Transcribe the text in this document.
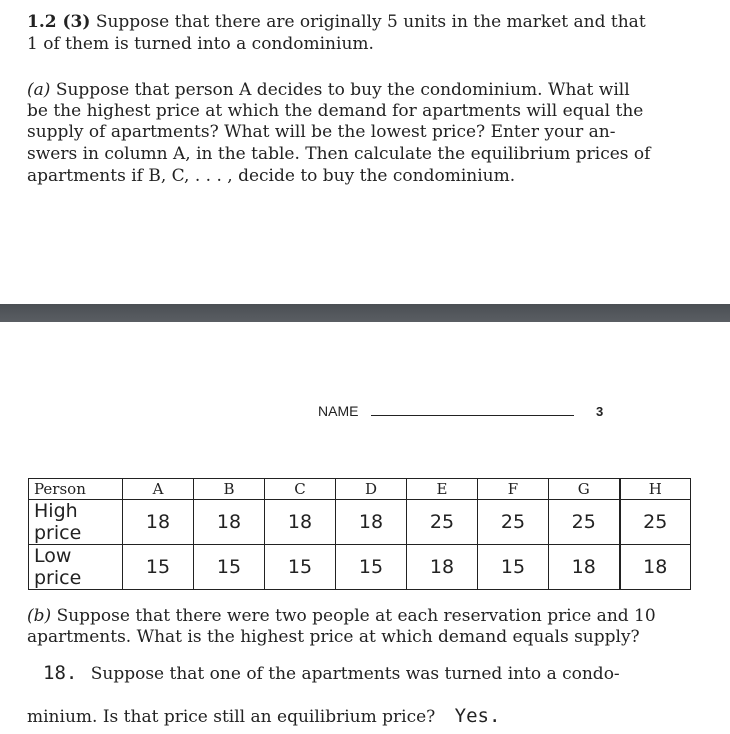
1.2 (3) Suppose that there are originally 5 units in the market and that
1 of them is turned into a condominium.
(a) Suppose that person A decides to buy the condominium. What will
be the highest price at which the demand for apartments will equal the
supply of apartments? What will be the lowest price? Enter your an-
swers in column A, in the table. Then calculate the equilibrium prices of
apartments if B, C, . . . , decide to buy the condominium.
NAME	3
Person	A	B	C	D	E	F	G	H
High price	18	18	18	18	25	25	25	25
Low price	15	15	15	15	18	15	18	18
(b) Suppose that there were two people at each reservation price and 10
apartments. What is the highest price at which demand equals supply?
18. Suppose that one of the apartments was turned into a condo-
minium. Is that price still an equilibrium price? Yes.
